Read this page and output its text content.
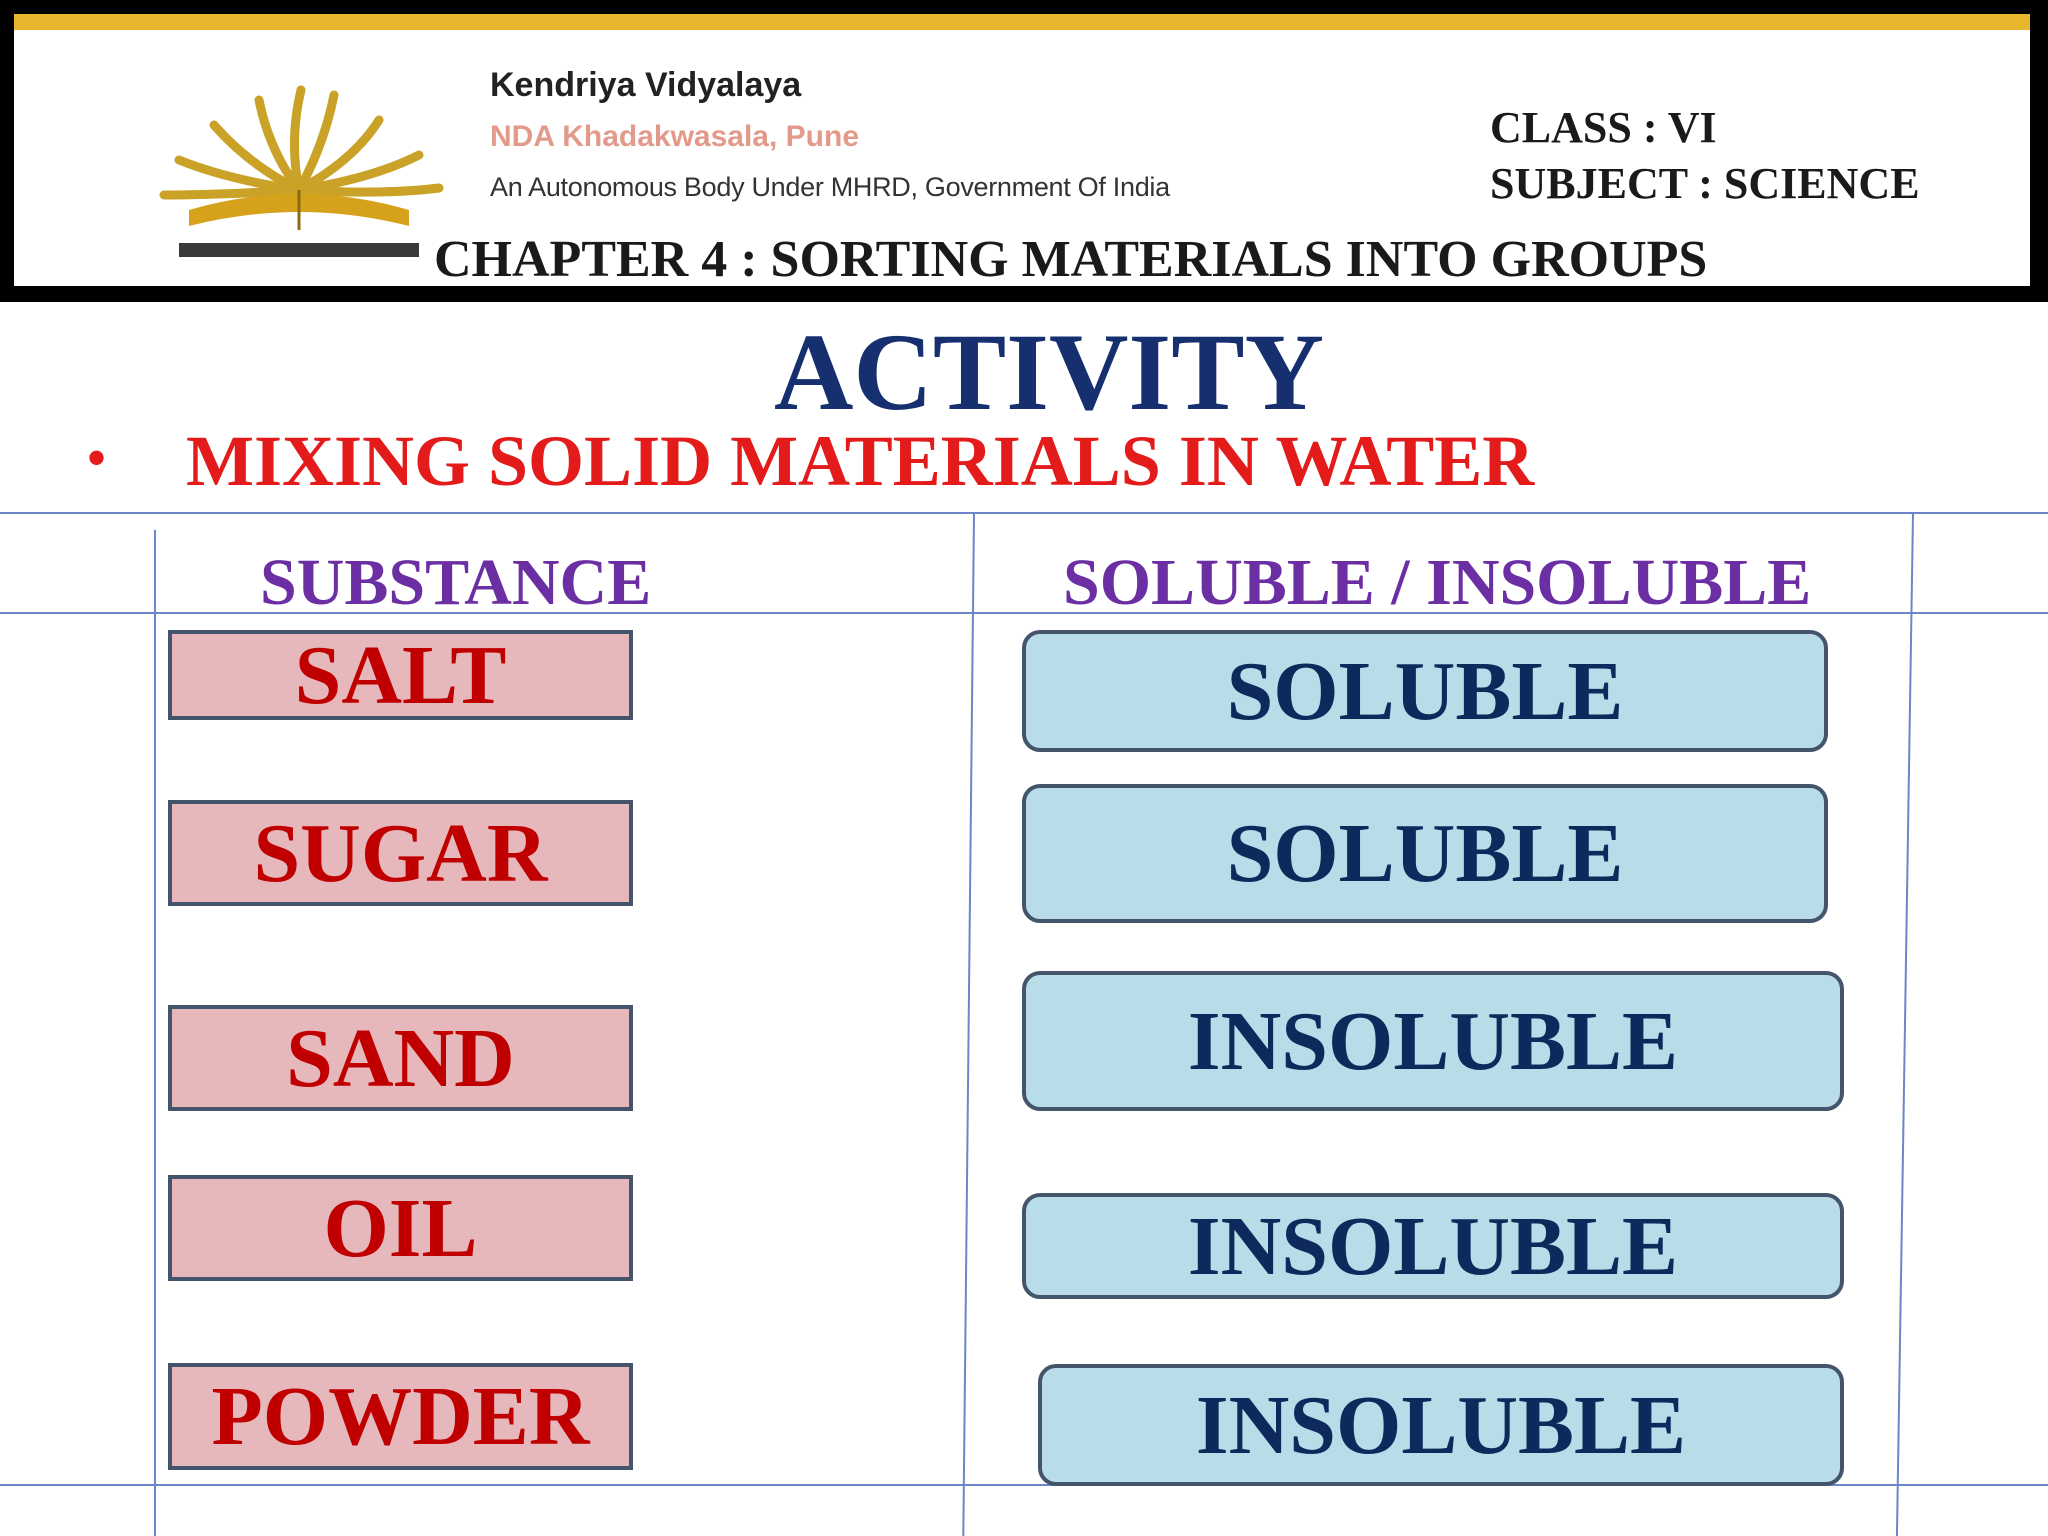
Kendriya Vidyalaya
NDA Khadakwasala, Pune
An Autonomous Body Under MHRD, Government Of India
CLASS : VI
SUBJECT : SCIENCE
CHAPTER 4 : SORTING MATERIALS INTO GROUPS
ACTIVITY
• MIXING SOLID MATERIALS IN WATER
SUBSTANCE	SOLUBLE / INSOLUBLE
SALT
SUGAR
SAND
OIL
POWDER
SOLUBLE
SOLUBLE
INSOLUBLE
INSOLUBLE
INSOLUBLE
